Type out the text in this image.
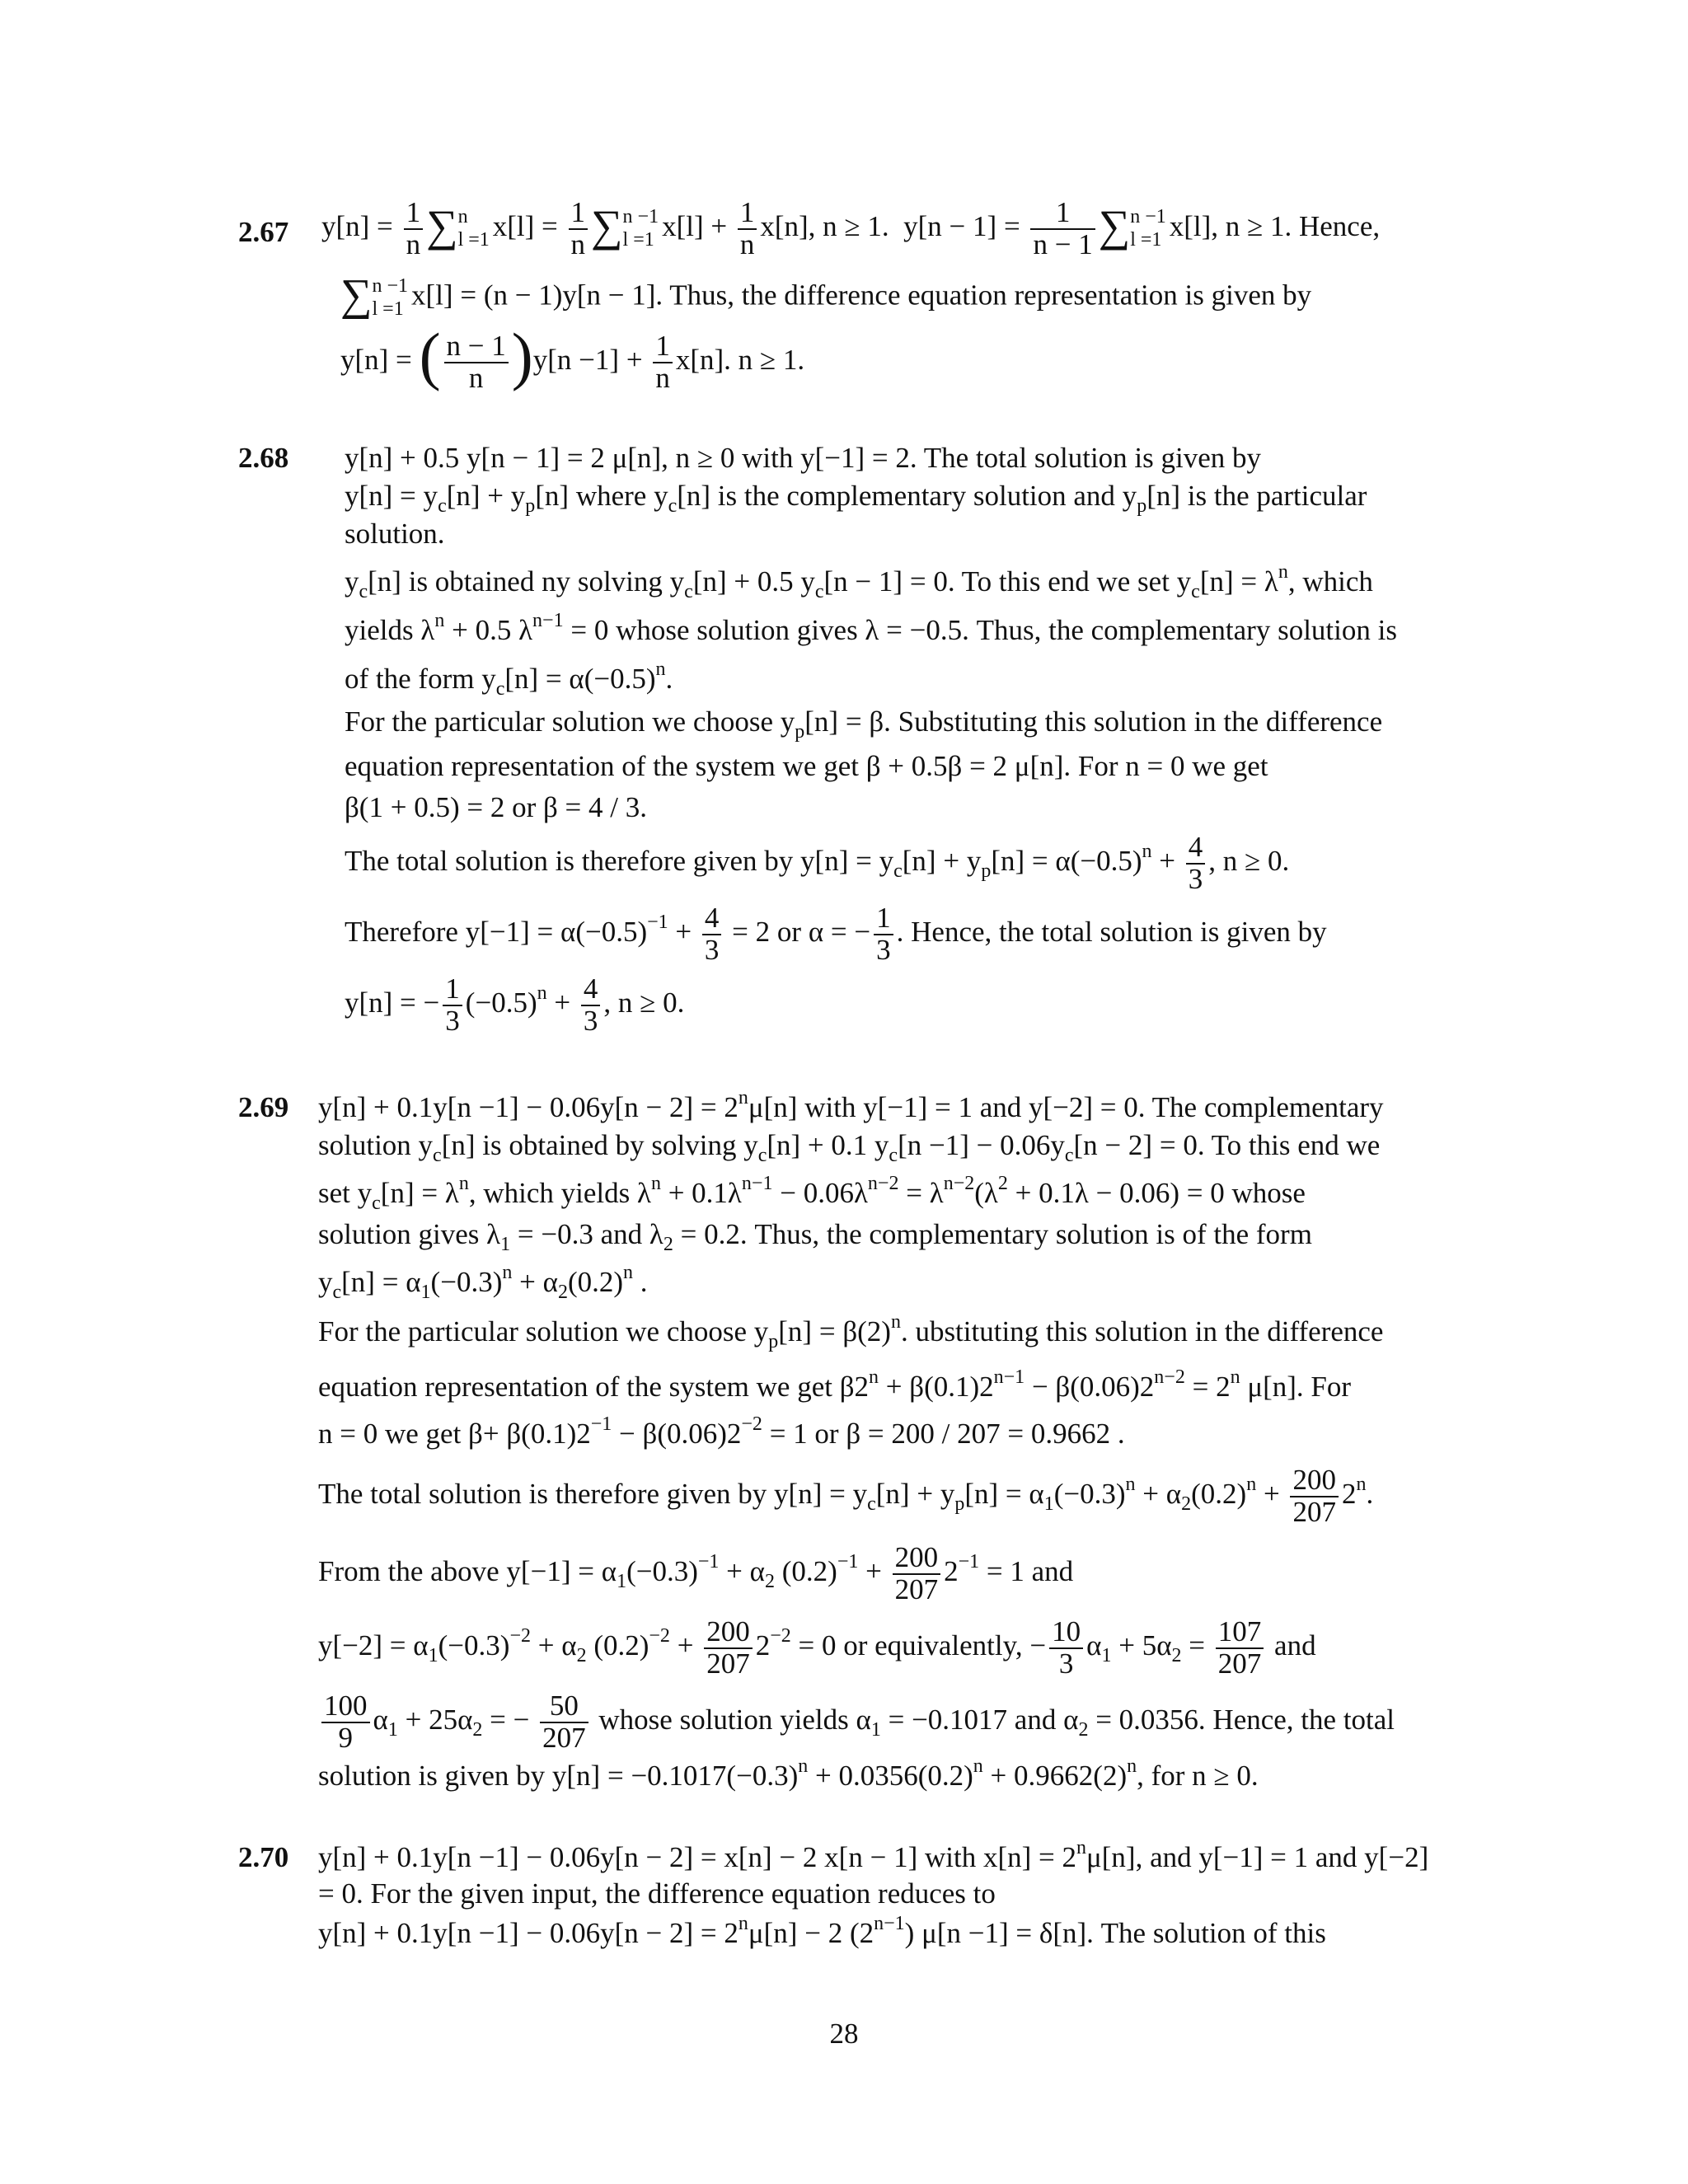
2.67 $y[n] = \frac{1}{n}$ ∑ n
l =1 $x[l] = \frac{1}{n}$ ∑ n −1
l =1 $x[l] + \frac{1}{n} x[n]$, n ≥ 1. $y[n - 1] = \frac{1}{n - 1}$ ∑ n −1
l =1 x[l], n ≥ 1. Hence,
∑ n −1
l =1 x[l] = (n − 1)y[n − 1]. Thus, the difference equation representation is given by
y[n] = ( $\frac{n - 1}{n} )y[n -1] + \frac{1}{n} x[n]$. n ≥ 1.
2.68 y[n] + 0.5 y[n − 1] = 2 μ[n], n ≥ 0 with y[−1] = 2. The total solution is given by
$y[n] = y_c[n] + y_p[n]$ where $y_c[n]$ is the complementary solution and $y_p[n]$ is the particular
solution.
$y_c[n]$ is obtained ny solving $y_c[n] + 0.5$ $y_c[n - 1] = 0$. To this end we set $y_c[n] = \lambda^n$, which
yields $\lambda^n + 0.5$ $\lambda^{n-1} = 0$ whose solution gives λ = −0.5. Thus, the complementary solution is
of the form $y_c[n] = \alpha(-0.5)^n$.
For the particular solution we choose $y_p[n] = \beta$. Substituting this solution in the difference
equation representation of the system we get β + 0.5β = 2 μ[n]. For n = 0 we get
β(1 + 0.5) = 2 or β = 4 / 3.
The total solution is therefore given by $y[n] = y_c[n] + y_p[n] = \alpha(-0.5)^n + \frac{4}{3}$ , n ≥ 0.
Therefore $y[-1] = \alpha(-0.5)^{-1} + \frac{4}{3} = 2$ or α = − $\frac{1}{3}$ . Hence, the total solution is given by
y[n] = − $\frac{1}{3} (-0.5)^n + \frac{4}{3}$ , n ≥ 0.
2.69 $y[n] + 0.1y[n -1] - 0.06y[n - 2] = 2^n\mu[n]$ with y[−1] = 1 and y[−2] = 0. The complementary
solution $y_c[n]$ is obtained by solving $y_c[n] + 0.1$ $y_c[n -1] - 0.06y_c[n - 2] = 0$. To this end we
set $y_c[n] = \lambda^n$, which yields $\lambda^n + 0.1\lambda^{n-1} - 0.06\lambda^{n-2} = \lambda^{n-2}(\lambda^2 + 0.1\lambda - 0.06) = 0$ whose
solution gives $\lambda_1 = -0.3$ and $\lambda_2 = 0.2$. Thus, the complementary solution is of the form
$y_c[n] = \alpha_1(-0.3)^n + \alpha_2(0.2)^n$ .
For the particular solution we choose $y_p[n] = \beta(2)^n$. ubstituting this solution in the difference
equation representation of the system we get $\beta 2^n + \beta(0.1)2^{n-1} - \beta(0.06)2^{n-2} = 2^n$ μ[n]. For
n = 0 we get $\beta+ \beta(0.1)2^{-1} - \beta(0.06)2^{-2} = 1$ or β = 200 / 207 = 0.9662 .
The total solution is therefore given by $y[n] = y_c[n] + y_p[n] = \alpha_1(-0.3)^n + \alpha_2(0.2)^n + \frac{200}{207} 2^n$.
From the above $y[-1] = \alpha_1(-0.3)^{-1} + \alpha_2$ $(0.2)^{-1} + \frac{200}{207} 2^{-1} = 1$ and
$y[-2] = \alpha_1(-0.3)^{-2} + \alpha_2$ $(0.2)^{-2} + \frac{200}{207} 2^{-2} = 0$ or equivalently, − $\frac{10}{3} \alpha_1 + 5\alpha_2 = \frac{107}{207}$ and
$\frac{100}{9} \alpha_1 + 25\alpha_2$ = − $\frac{50}{207}$ whose solution yields $\alpha_1 = -0.1017$ and $\alpha_2 = 0.0356$. Hence, the total
solution is given by $y[n] = -0.1017(-0.3)^n + 0.0356(0.2)^n + 0.9662(2)^n$, for n ≥ 0.
2.70 y[n] + 0.1y[n −1] − 0.06y[n − 2] = x[n] − 2 x[n − 1] with $x[n] = 2^n\mu[n]$, and y[−1] = 1 and y[−2]
= 0. For the given input, the difference equation reduces to
$y[n] + 0.1y[n -1] - 0.06y[n - 2] = 2^n\mu[n] - 2$ $(2^{n-1})$ μ[n −1] = δ[n]. The solution of this
28
